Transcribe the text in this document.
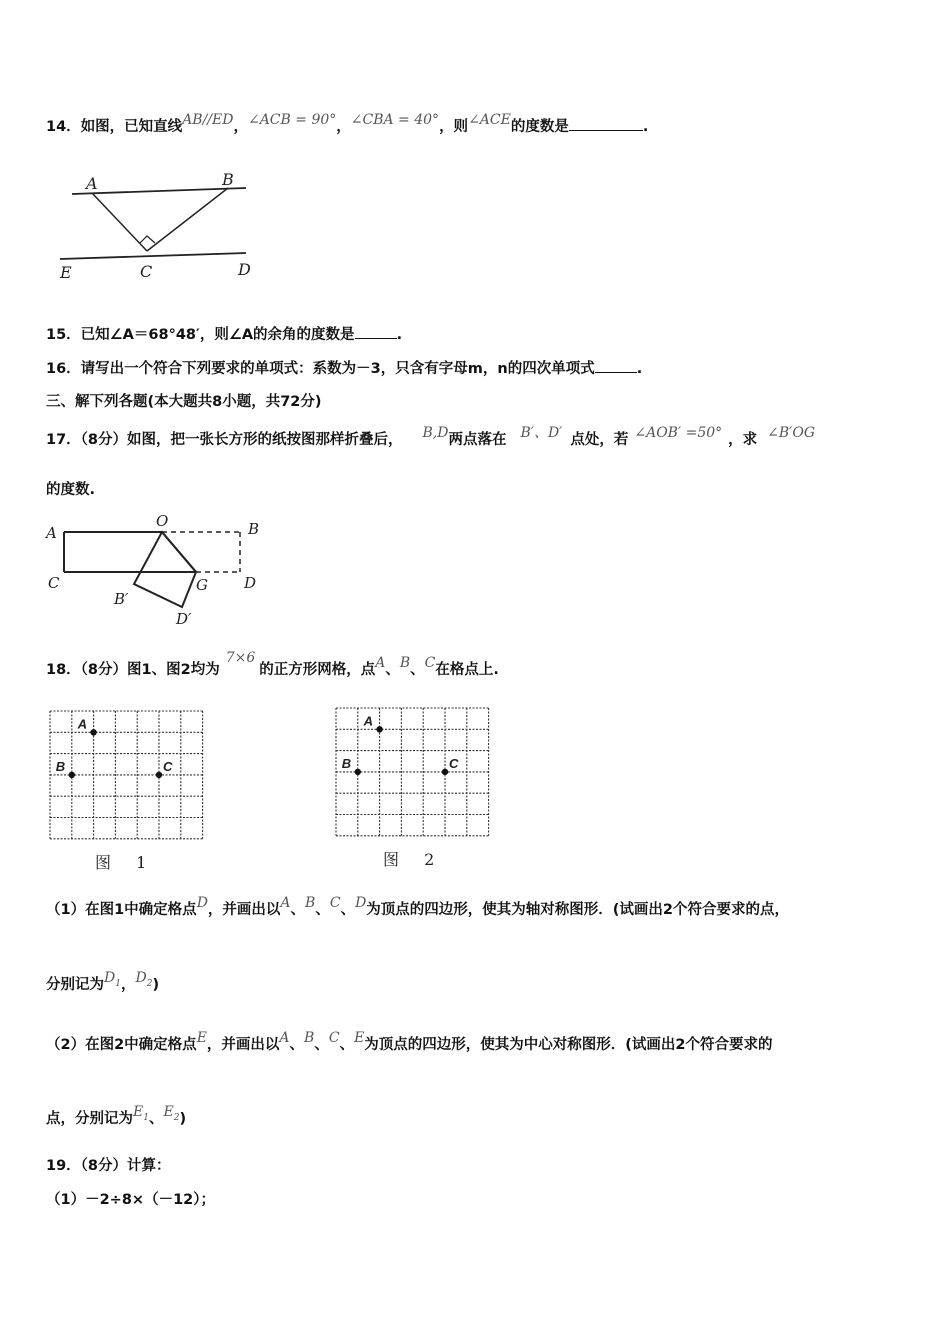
14．如图，已知直线AB//ED，∠ACB = 90°，∠CBA = 40°，则∠ACE的度数是	.
A	B
C	D
E
15．已知∠A＝68°48′，则∠A的余角的度数是	.
16．请写出一个符合下列要求的单项式：系数为－3，只含有字母m，n的四次单项式	.
三、解下列各题(本大题共8小题，共72分)
17．（8分）如图，把一张长方形的纸按图那样折叠后， B,D两点落在 B′、D′ 点处，若 ∠AOB′ =50° ，求 ∠B′OG
的度数.
A
O	B
C	G D
B′
D′
18．（8分）图1、图2均为7×6的正方形网格，点A、B、C在格点上.
A
B	C
图 1
A
B	C
图 2
（1）在图1中确定格点D，并画出以A、B、C、D为顶点的四边形，使其为轴对称图形．(试画出2个符合要求的点，
分别记为$D^1$，$D^2$)
（2）在图2中确定格点E，并画出以A、B、C、E为顶点的四边形，使其为中心对称图形．(试画出2个符合要求的
点，分别记为$E^1$、$E^2$)
19．（8分）计算：
（1）－2÷8×（－12）；
